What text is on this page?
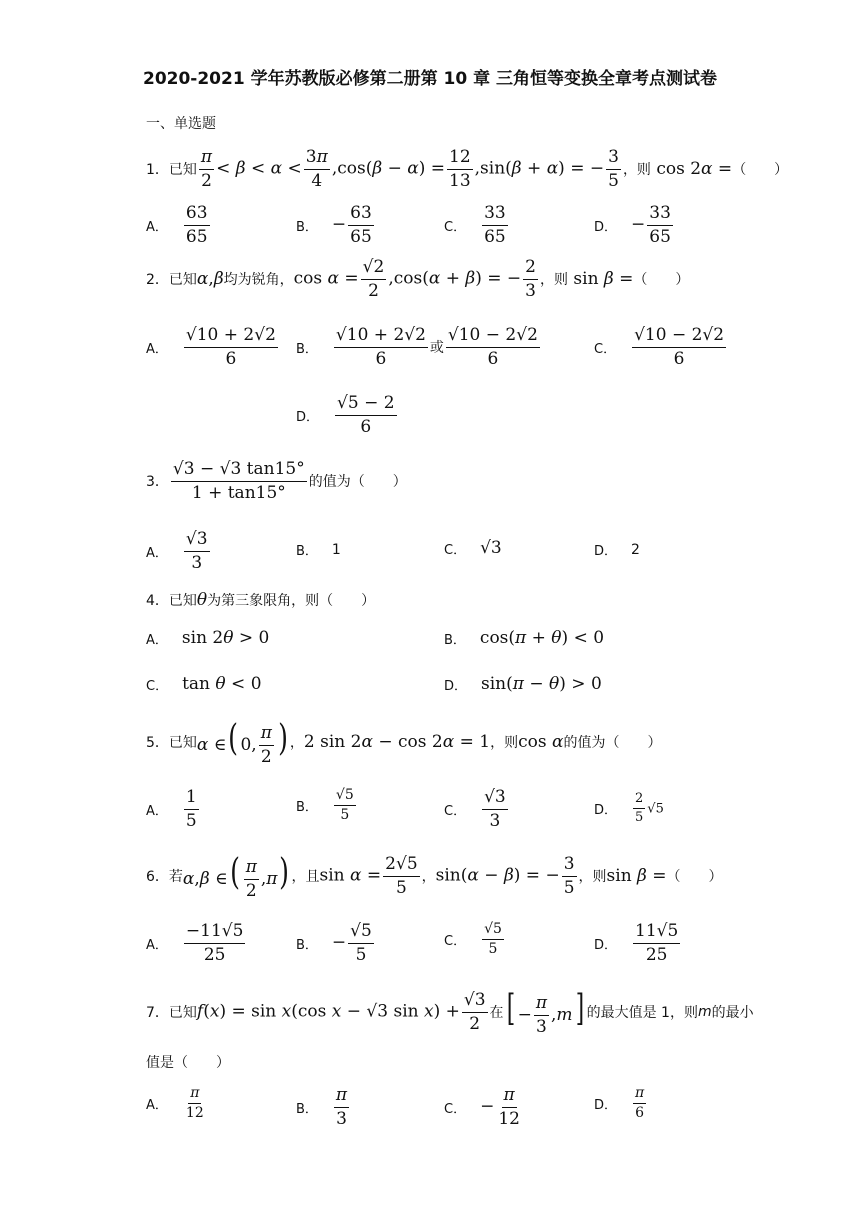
2020-2021 学年苏教版必修第二册第 10 章 三角恒等变换全章考点测试卷
一、单选题
1．已知 $\frac{\pi}{2} < \beta < \alpha < \frac{3\pi}{4} ,\cos(\beta - \alpha) = \frac{12}{13} ,\sin(\beta + \alpha)$ = − $\frac{3}{5}$ ，则 cos 2α = （　　）
A． $\frac{63}{65}$	B． − $\frac{63}{65}$	C． $\frac{33}{65}$	D． − $\frac{33}{65}$
2．已知 α,β 均为锐角， $\cos \alpha = \frac{√2}{2} ,\cos(\alpha + \beta)$ = − $\frac{2}{3}$ ，则 sin β = （　　）
A． $\frac{√10 + 2√2}{6}$ B． $\frac{√10 + 2√2}{6}$ 或 $\frac{√10 - 2√2}{6}$	C． $\frac{√10 - 2√2}{6}$
D． $\frac{√5 - 2}{6}$
3． $\frac{√3 - √3 \tan 15^\circ}{1 + \tan 15^\circ}$ 的值为 （　　）
A． $\frac{√3}{3}$	B． 1	C． √3	D． 2
4．已知 θ 为第三象限角，则 （　　）
A． sin 2θ > 0	B． cos(π + θ) < 0
C． tan θ < 0	D． sin(π − θ) > 0
5．已知 α ∈( 0, $\frac{\pi}{2}$ ) ， 2 sin 2α − cos 2α = 1 ，则 cos α 的值为 （　　）
A． $\frac{1}{5}$	B． $\frac{√5}{5}$	C． $\frac{√3}{3}$	D． $\frac{2}{5} √5$
6．若 α,β ∈( $\frac{\pi}{2} ,\pi$) ，且 $\sin \alpha = \frac{2√5}{5}$ ， sin(α − β) = − $\frac{3}{5}$ ，则 sin β = （　　）
A． $\frac{-11√5}{25}$	B． − $\frac{√5}{5}$	C． $\frac{√5}{5}$	D． $\frac{11√5}{25}$
7．已知 f(x) = sin x(cos x − √3 $\sin x) + \frac{√3}{2}$ 在 [ − $\frac{\pi}{3} ,m$] 的最大值是 1，则 m 的最小
值是 （　　）
A． $\frac{\pi}{12}$	B． $\frac{\pi}{3}$	C． − $\frac{\pi}{12}$	D． $\frac{\pi}{6}$
